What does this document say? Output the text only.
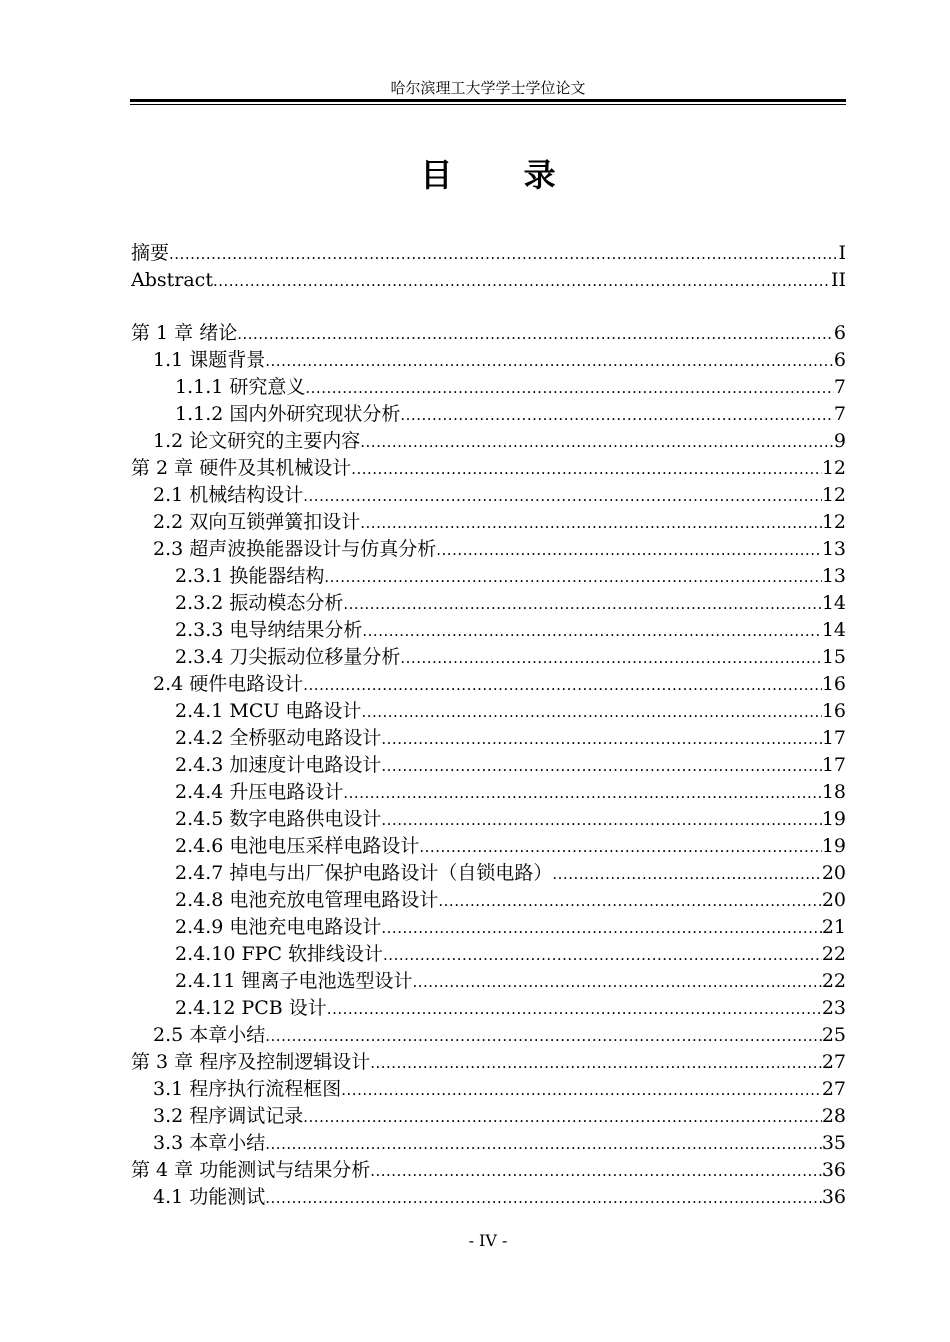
哈尔滨理工大学学士学位论文
目 录
摘要 .....	I
Abstract .....	II
第 1 章 绪论 .....	6
1.1 课题背景 .....	6
1.1.1 研究意义 .....	7
1.1.2 国内外研究现状分析 .....	7
1.2 论文研究的主要内容 .....	9
第 2 章 硬件及其机械设计 .....	12
2.1 机械结构设计 .....	12
2.2 双向互锁弹簧扣设计 .....	12
2.3 超声波换能器设计与仿真分析 .....	13
2.3.1 换能器结构 .....	13
2.3.2 振动模态分析 .....	14
2.3.3 电导纳结果分析 .....	14
2.3.4 刀尖振动位移量分析 .....	15
2.4 硬件电路设计 .....	16
2.4.1 MCU 电路设计 .....	16
2.4.2 全桥驱动电路设计 .....	17
2.4.3 加速度计电路设计 .....	17
2.4.4 升压电路设计 .....	18
2.4.5 数字电路供电设计 .....	19
2.4.6 电池电压采样电路设计 .....	19
2.4.7 掉电与出厂保护电路设计（自锁电路） .....	20
2.4.8 电池充放电管理电路设计 .....	20
2.4.9 电池充电电路设计 .....	21
2.4.10 FPC 软排线设计 .....	22
2.4.11 锂离子电池选型设计 .....	22
2.4.12 PCB 设计 .....	23
2.5 本章小结 .....	25
第 3 章 程序及控制逻辑设计 .....	27
3.1 程序执行流程框图 .....	27
3.2 程序调试记录 .....	28
3.3 本章小结 .....	35
第 4 章 功能测试与结果分析 .....	36
4.1 功能测试 .....	36
- IV -
